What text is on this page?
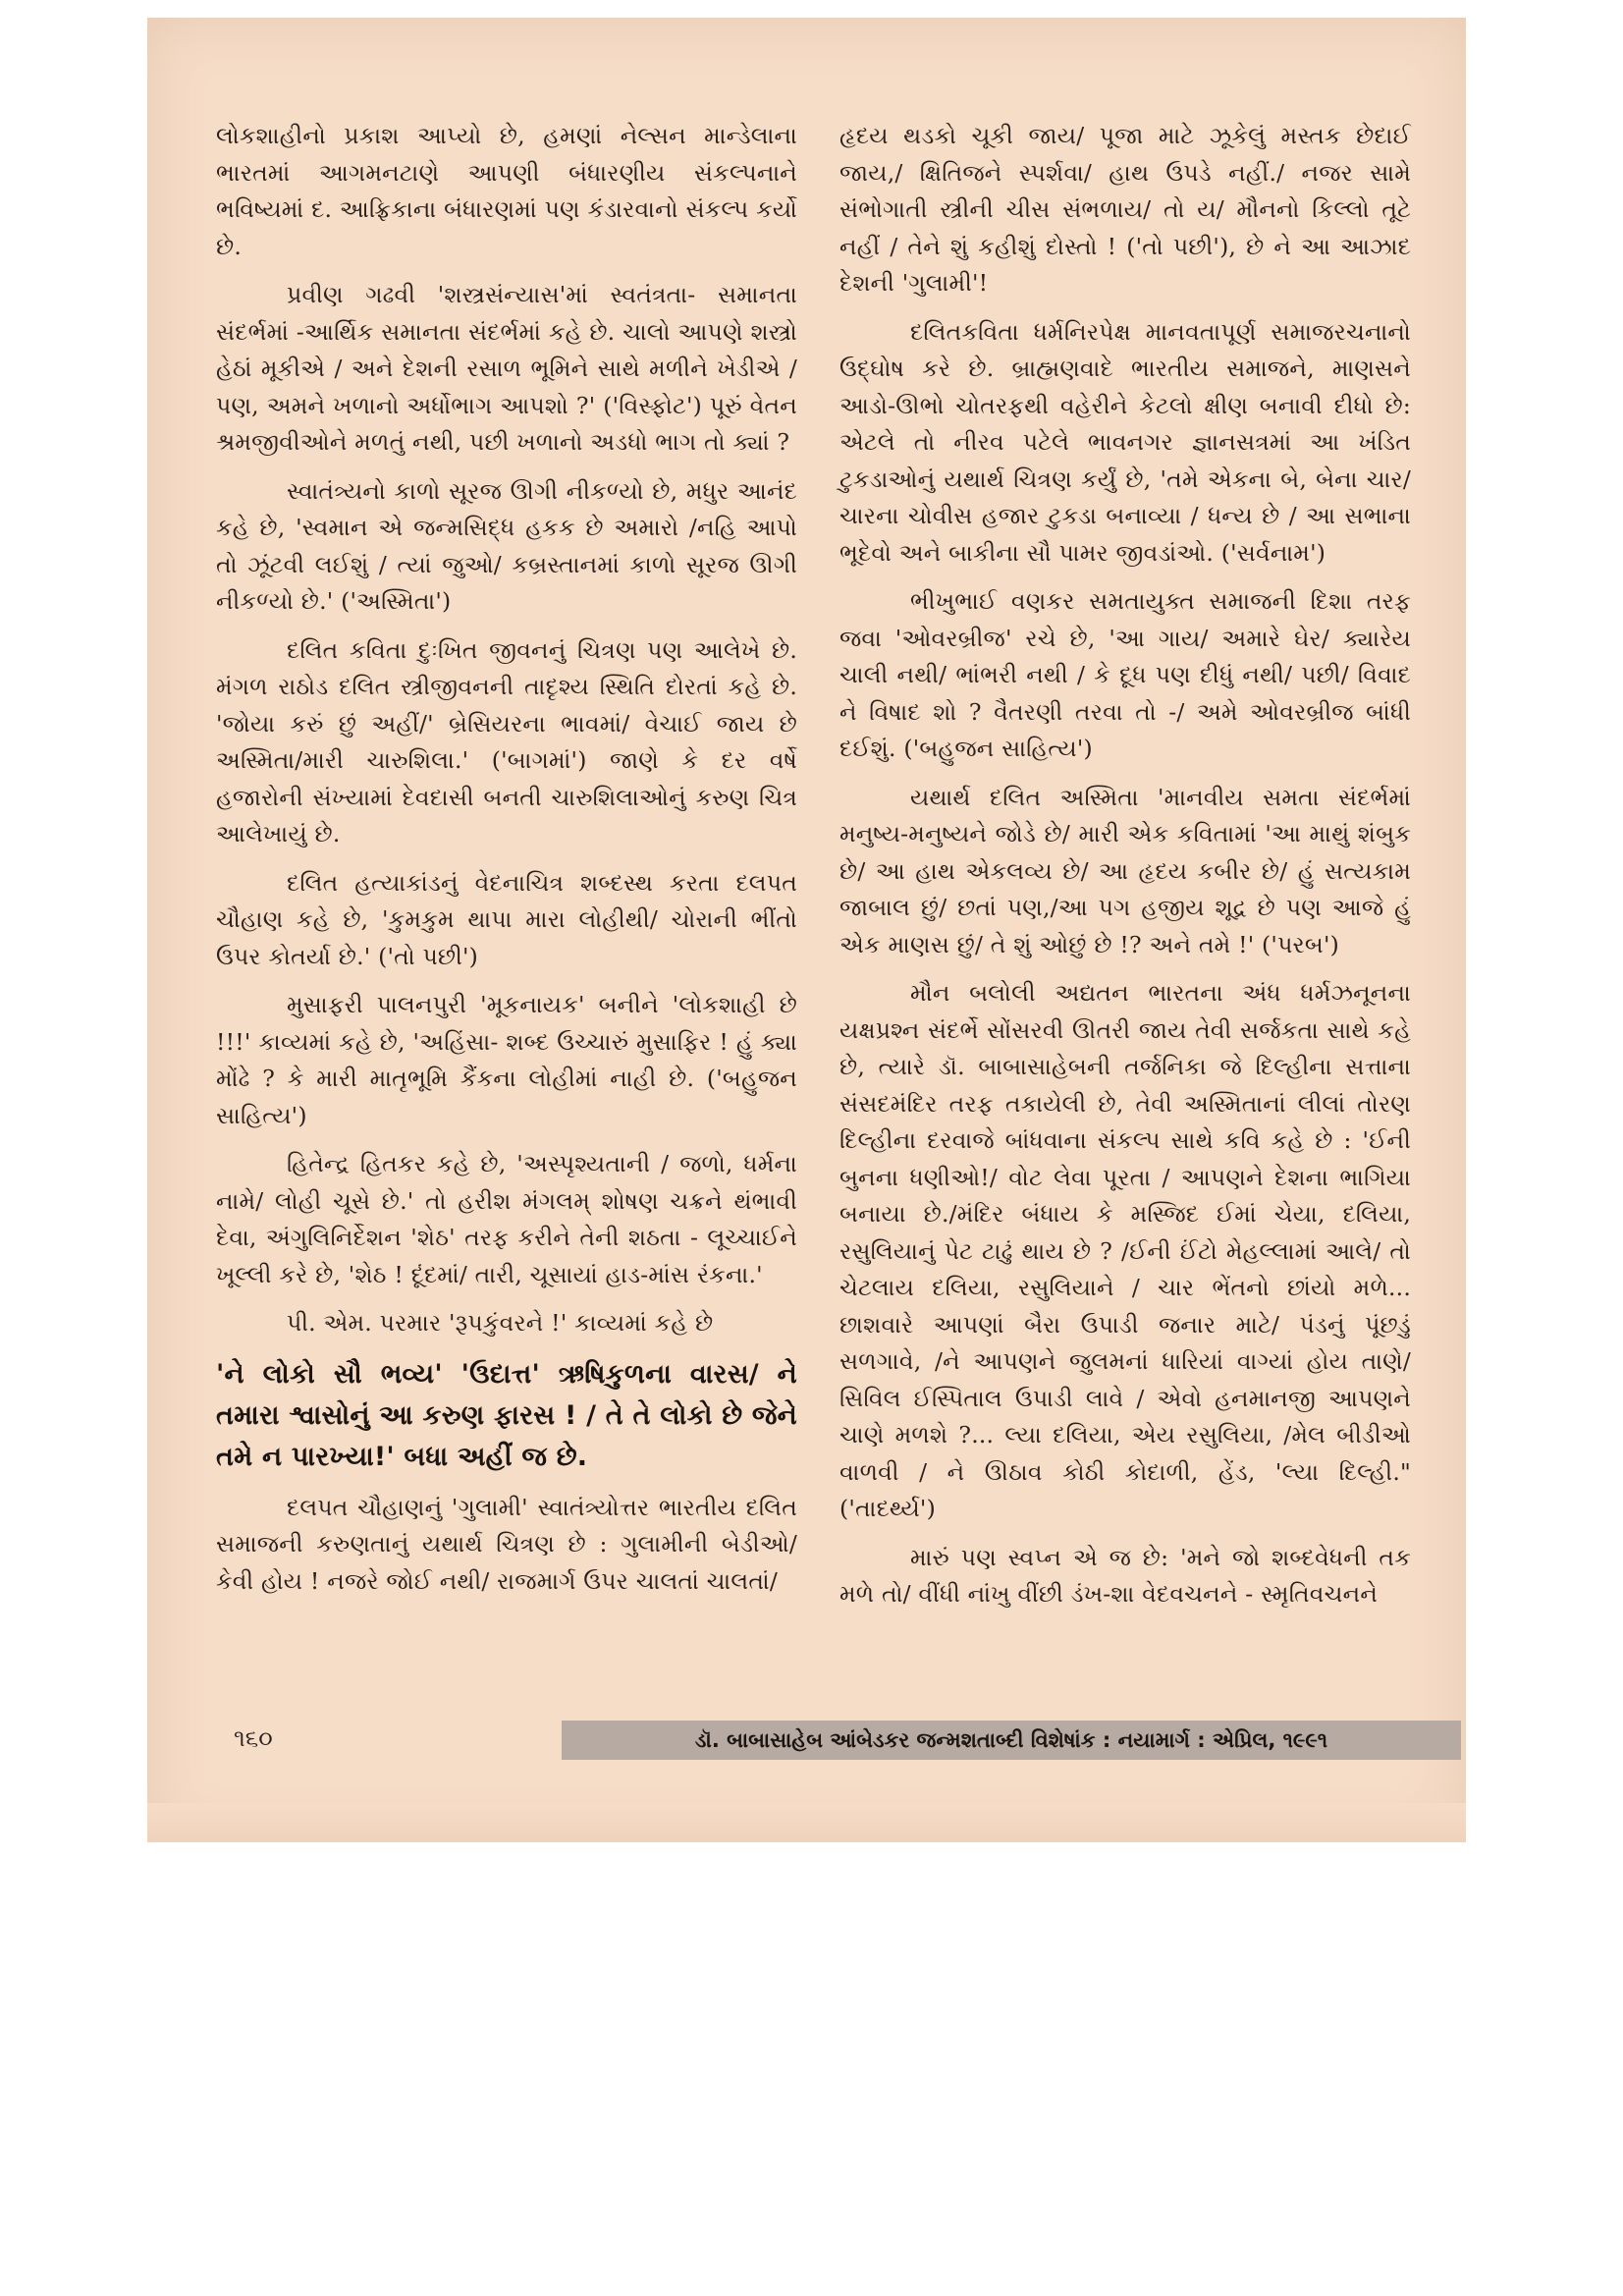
લોકશાહીનો પ્રકાશ આપ્યો છે, હમણાં નેલ્સન માન્ડેલાના ભારતમાં આગમનટાણે આપણી બંધારણીય સંકલ્પનાને ભવિષ્યમાં દ. આફ્રિકાના બંધારણમાં પણ કંડારવાનો સંકલ્પ કર્યો છે.

પ્રવીણ ગઢવી 'શસ્ત્રસંન્યાસ'માં સ્વતંત્રતા- સમાનતા સંદર્ભમાં -આર્થિક સમાનતા સંદર્ભમાં કહે છે. ચાલો આપણે શસ્ત્રો હેઠાં મૂકીએ / અને દેશની રસાળ ભૂમિને સાથે મળીને ખેડીએ / પણ, અમને ખળાનો અર્ધોભાગ આપશો ?' ('વિસ્ફોટ') પૂરું વેતન શ્રમજીવીઓને મળતું નથી, પછી ખળાનો અડધો ભાગ તો ક્યાં ?

સ્વાતંત્ર્યનો કાળો સૂરજ ઊગી નીકળ્યો છે, મધુર આનંદ કહે છે, 'સ્વમાન એ જન્મસિદ્ધ હકક છે અમારો /નહિ આપો તો ઝૂંટવી લઈશું / ત્યાં જુઓ/ કબ્રસ્તાનમાં કાળો સૂરજ ઊગી નીકળ્યો છે.' ('અસ્મિતા')

દલિત કવિતા દુઃખિત જીવનનું ચિત્રણ પણ આલેખે છે. મંગળ રાઠોડ દલિત સ્ત્રીજીવનની તાદૃશ્ય સ્થિતિ દોરતાં કહે છે. 'જોયા કરું છું અહીં/' બ્રેસિયરના ભાવમાં/ વેચાઈ જાય છે અસ્મિતા/મારી ચારુશિલા.' ('બાગમાં') જાણે કે દર વર્ષે હજારોની સંખ્યામાં દેવદાસી બનતી ચારુશિલાઓનું કરુણ ચિત્ર આલેખાયું છે.

દલિત હત્યાકાંડનું વેદનાચિત્ર શબ્દસ્થ કરતા દલપત ચૌહાણ કહે છે, 'કુમકુમ થાપા મારા લોહીથી/ ચોરાની ભીંતો ઉપર કોતર્યા છે.' ('તો પછી')

મુસાફરી પાલનપુરી 'મૂકનાયક' બનીને 'લોકશાહી છે !!!' કાવ્યમાં કહે છે, 'અહિંસા- શબ્દ ઉચ્ચારું મુસાફિર ! હું ક્યા મોંઢે ? કે મારી માતૃભૂમિ કૈંકના લોહીમાં નાહી છે. ('બહુજન સાહિત્ય')

હિતેન્દ્ર હિતકર કહે છે, 'અસ્પૃશ્યતાની / જળો, ધર્મના નામે/ લોહી ચૂસે છે.' તો હરીશ મંગલમ્ શોષણ ચક્રને થંભાવી દેવા, અંગુલિનિર્દેશન 'શેઠ' તરફ કરીને તેની શઠતા - લૂચ્ચાઈને ખૂલ્લી કરે છે, 'શેઠ ! દૂંદમાં/ તારી, ચૂસાયાં હાડ-માંસ રંકના.'

પી. એમ. પરમાર 'રૂપકુંવરને !' કાવ્યમાં કહે છે

'ને લોકો સૌ ભવ્ય' 'ઉદાત્ત' ઋષિકુળના વારસ/ ને તમારા શ્વાસોનું આ કરુણ ફારસ ! / તે તે લોકો છે જેને તમે ન પારખ્યા!' બધા અહીં જ છે.

દલપત ચૌહાણનું 'ગુલામી' સ્વાતંત્ર્યોત્તર ભારતીય દલિત સમાજની કરુણતાનું યથાર્થ ચિત્રણ છે : ગુલામીની બેડીઓ/ કેવી હોય ! નજરે જોઈ નથી/ રાજમાર્ગ ઉપર ચાલતાં ચાલતાં/

હૃદય થડકો ચૂકી જાય/ પૂજા માટે ઝૂકેલું મસ્તક છેદાઈ જાય,/ ક્ષિતિજને સ્પર્શવા/ હાથ ઉપડે નહીં./ નજર સામે સંભોગાતી સ્ત્રીની ચીસ સંભળાય/ તો ય/ મૌનનો કિલ્લો તૂટે નહીં / તેને શું કહીશું દોસ્તો ! ('તો પછી'), છે ને આ આઝાદ દેશની 'ગુલામી'!

દલિતકવિતા ધર્મનિરપેક્ષ માનવતાપૂર્ણ સમાજરચનાનો ઉદ્‌ઘોષ કરે છે. બ્રાહ્મણવાદે ભારતીય સમાજને, માણસને આડો-ઊભો ચોતરફથી વહેરીને કેટલો ક્ષીણ બનાવી દીધો છે: એટલે તો નીરવ પટેલે ભાવનગર જ્ઞાનસત્રમાં આ ખંડિત ટુકડાઓનું યથાર્થ ચિત્રણ કર્યું છે, 'તમે એકના બે, બેના ચાર/ ચારના ચોવીસ હજાર ટુકડા બનાવ્યા / ધન્ય છે / આ સભાના ભૂદેવો અને બાકીના સૌ પામર જીવડાંઓ. ('સર્વનામ')

ભીખુભાઈ વણકર સમતાયુક્ત સમાજની દિશા તરફ જવા 'ઓવરબ્રીજ' રચે છે, 'આ ગાય/ અમારે ઘેર/ ક્યારેય ચાલી નથી/ ભાંભરી નથી / કે દૂધ પણ દીધું નથી/ પછી/ વિવાદ ને વિષાદ શો ? વૈતરણી તરવા તો -/ અમે ઓવરબ્રીજ બાંધી દઈશું. ('બહુજન સાહિત્ય')

યથાર્થ દલિત અસ્મિતા 'માનવીય સમતા સંદર્ભમાં મનુષ્ય-મનુષ્યને જોડે છે/ મારી એક કવિતામાં 'આ માથું શંબુક છે/ આ હાથ એકલવ્ય છે/ આ હૃદય કબીર છે/ હું સત્યકામ જાબાલ છું/ છતાં પણ,/આ પગ હજીય શૂદ્ર છે પણ આજે હું એક માણસ છું/ તે શું ઓછું છે !? અને તમે !' ('પરબ')

મૌન બલોલી અદ્યતન ભારતના અંધ ધર્મઝનૂનના યક્ષપ્રશ્ન સંદર્ભે સોંસરવી ઊતરી જાય તેવી સર્જકતા સાથે કહે છે, ત્યારે ડૉ. બાબાસાહેબની તર્જનિકા જે દિલ્હીના સત્તાના સંસદમંદિર તરફ તકાયેલી છે, તેવી અસ્મિતાનાં લીલાં તોરણ દિલ્હીના દરવાજે બાંધવાના સંકલ્પ સાથે કવિ કહે છે : 'ઈની બુનના ધણીઓ!/ વોટ લેવા પૂરતા / આપણને દેશના ભાગિયા બનાયા છે./મંદિર બંધાય કે મસ્જિદ ઈમાં ચેયા, દલિયા, રસુલિયાનું પેટ ટાઢું થાય છે ? /ઈની ઈંટો મેહલ્લામાં આલે/ તો ચેટલાય દલિયા, રસુલિયાને / ચાર ભેંતનો છાંયો મળે... છાશવારે આપણાં બૈરા ઉપાડી જનાર માટે/ પંડનું પૂંછડું સળગાવે, /ને આપણને જુલમનાં ધારિયાં વાગ્યાં હોય તાણે/ સિવિલ ઈસ્પિતાલ ઉપાડી લાવે / એવો હનમાનજી આપણને ચાણે મળશે ?... લ્યા દલિયા, એય રસુલિયા, /મેલ બીડીઓ વાળવી / ને ઊઠાવ કોઠી કોદાળી, હેંડ, 'લ્યા દિલ્હી." ('તાદર્થ્ય')

મારું પણ સ્વપ્ન એ જ છે: 'મને જો શબ્દવેધની તક મળે તો/ વીંધી નાંખુ વીંછી ડંખ-શા વેદવચનને - સ્મૃતિવચનને

૧૬૦	ડૉ. બાબાસાહેબ આંબેડકર જન્મશતાબ્દી વિશેષાંક : નયામાર્ગ : એપ્રિલ, ૧૯૯૧
